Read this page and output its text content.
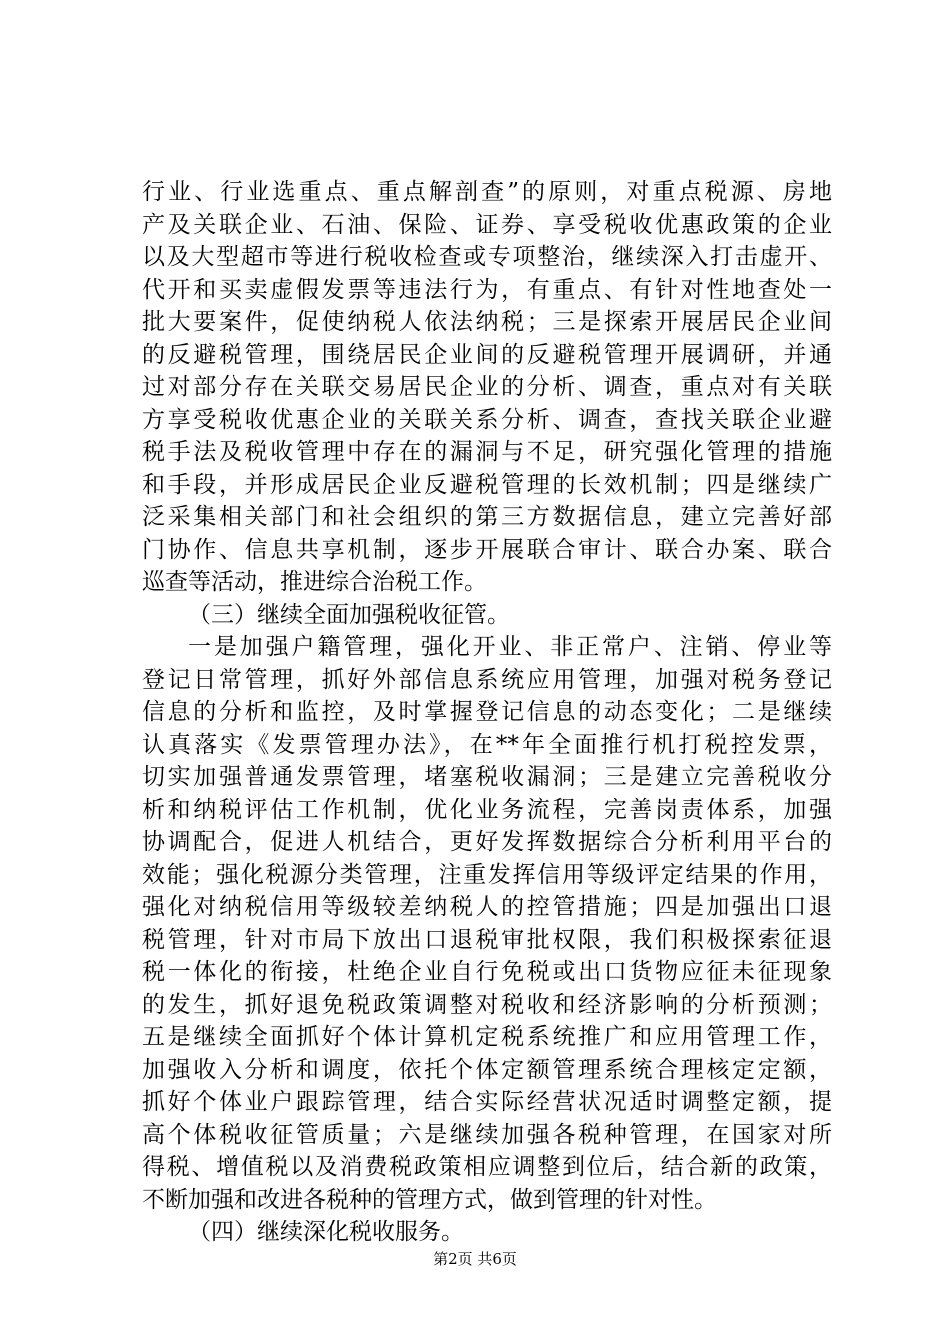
行业、行业选重点、重点解剖查”的原则，对重点税源、房地
产及关联企业、石油、保险、证券、享受税收优惠政策的企业
以及大型超市等进行税收检查或专项整治，继续深入打击虚开、
代开和买卖虚假发票等违法行为，有重点、有针对性地查处一
批大要案件，促使纳税人依法纳税；三是探索开展居民企业间
的反避税管理，围绕居民企业间的反避税管理开展调研，并通
过对部分存在关联交易居民企业的分析、调查，重点对有关联
方享受税收优惠企业的关联关系分析、调查，查找关联企业避
税手法及税收管理中存在的漏洞与不足，研究强化管理的措施
和手段，并形成居民企业反避税管理的长效机制；四是继续广
泛采集相关部门和社会组织的第三方数据信息，建立完善好部
门协作、信息共享机制，逐步开展联合审计、联合办案、联合
巡查等活动，推进综合治税工作。
（三）继续全面加强税收征管。
一是加强户籍管理，强化开业、非正常户、注销、停业等
登记日常管理，抓好外部信息系统应用管理，加强对税务登记
信息的分析和监控，及时掌握登记信息的动态变化；二是继续
认真落实《发票管理办法》，在**年全面推行机打税控发票，
切实加强普通发票管理，堵塞税收漏洞；三是建立完善税收分
析和纳税评估工作机制，优化业务流程，完善岗责体系，加强
协调配合，促进人机结合，更好发挥数据综合分析利用平台的
效能；强化税源分类管理，注重发挥信用等级评定结果的作用，
强化对纳税信用等级较差纳税人的控管措施；四是加强出口退
税管理，针对市局下放出口退税审批权限，我们积极探索征退
税一体化的衔接，杜绝企业自行免税或出口货物应征未征现象
的发生，抓好退免税政策调整对税收和经济影响的分析预测；
五是继续全面抓好个体计算机定税系统推广和应用管理工作，
加强收入分析和调度，依托个体定额管理系统合理核定定额，
抓好个体业户跟踪管理，结合实际经营状况适时调整定额，提
高个体税收征管质量；六是继续加强各税种管理，在国家对所
得税、增值税以及消费税政策相应调整到位后，结合新的政策，
不断加强和改进各税种的管理方式，做到管理的针对性。
（四）继续深化税收服务。
第2页 共6页
